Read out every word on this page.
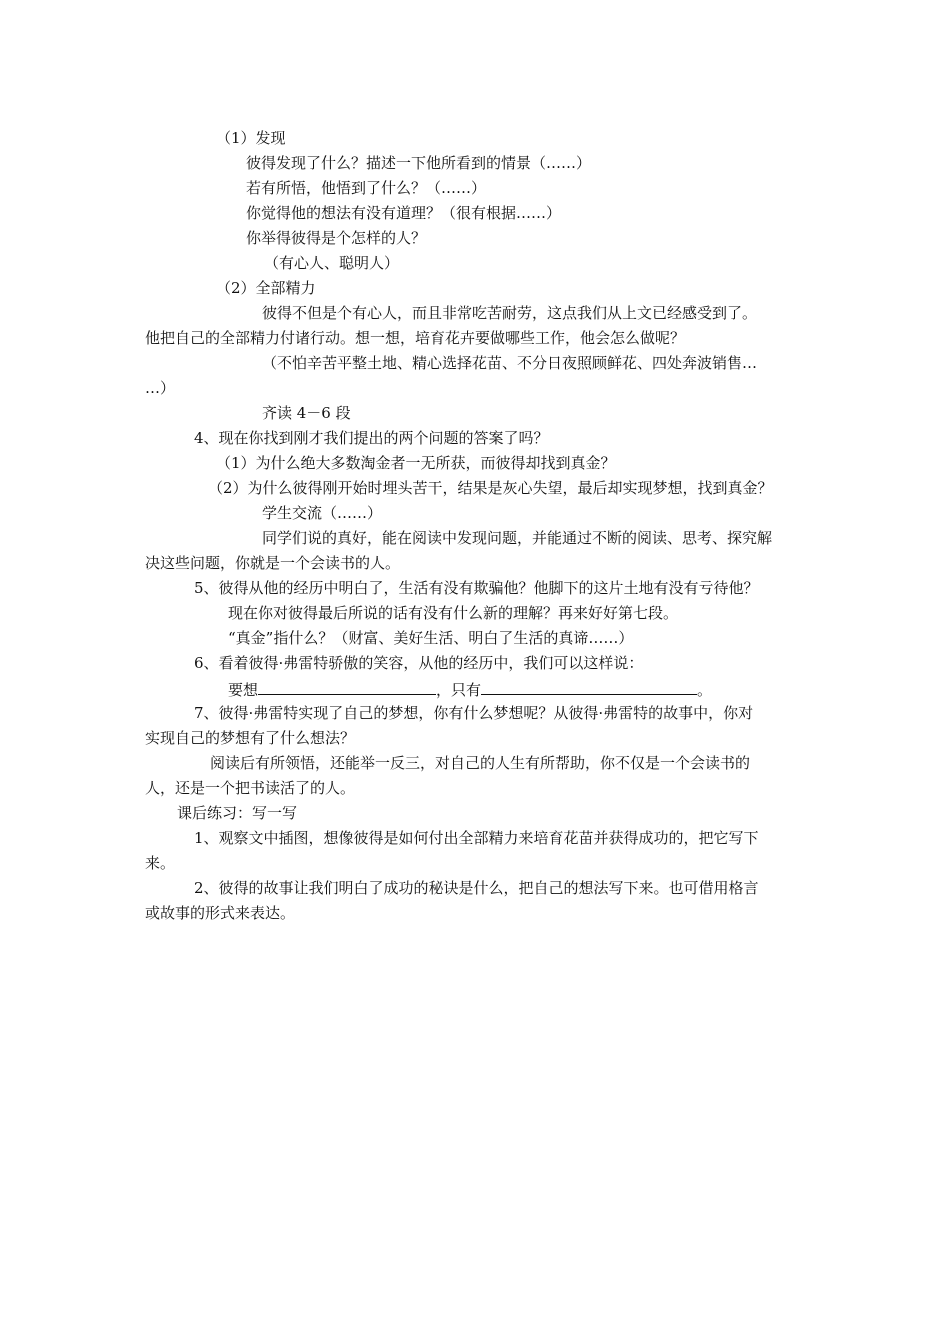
（1）发现
彼得发现了什么？描述一下他所看到的情景（……）
若有所悟，他悟到了什么？（……）
你觉得他的想法有没有道理？（很有根据……）
你举得彼得是个怎样的人？
（有心人、聪明人）
（2）全部精力
彼得不但是个有心人，而且非常吃苦耐劳，这点我们从上文已经感受到了。
他把自己的全部精力付诸行动。想一想，培育花卉要做哪些工作，他会怎么做呢？
（不怕辛苦平整土地、精心选择花苗、不分日夜照顾鲜花、四处奔波销售…
…）
齐读 4－6 段
4、现在你找到刚才我们提出的两个问题的答案了吗？
（1）为什么绝大多数淘金者一无所获，而彼得却找到真金？
（2）为什么彼得刚开始时埋头苦干，结果是灰心失望，最后却实现梦想，找到真金？
学生交流（……）
同学们说的真好，能在阅读中发现问题，并能通过不断的阅读、思考、探究解
决这些问题，你就是一个会读书的人。
5、彼得从他的经历中明白了，生活有没有欺骗他？他脚下的这片土地有没有亏待他？
现在你对彼得最后所说的话有没有什么新的理解？再来好好第七段。
“真金”指什么？（财富、美好生活、明白了生活的真谛……）
6、看着彼得·弗雷特骄傲的笑容，从他的经历中，我们可以这样说：
要想	，只有	。
7、彼得·弗雷特实现了自己的梦想，你有什么梦想呢？从彼得·弗雷特的故事中，你对
实现自己的梦想有了什么想法？
阅读后有所领悟，还能举一反三，对自己的人生有所帮助，你不仅是一个会读书的
人，还是一个把书读活了的人。
课后练习：写一写
1、观察文中插图，想像彼得是如何付出全部精力来培育花苗并获得成功的，把它写下
来。
2、彼得的故事让我们明白了成功的秘诀是什么，把自己的想法写下来。也可借用格言
或故事的形式来表达。
